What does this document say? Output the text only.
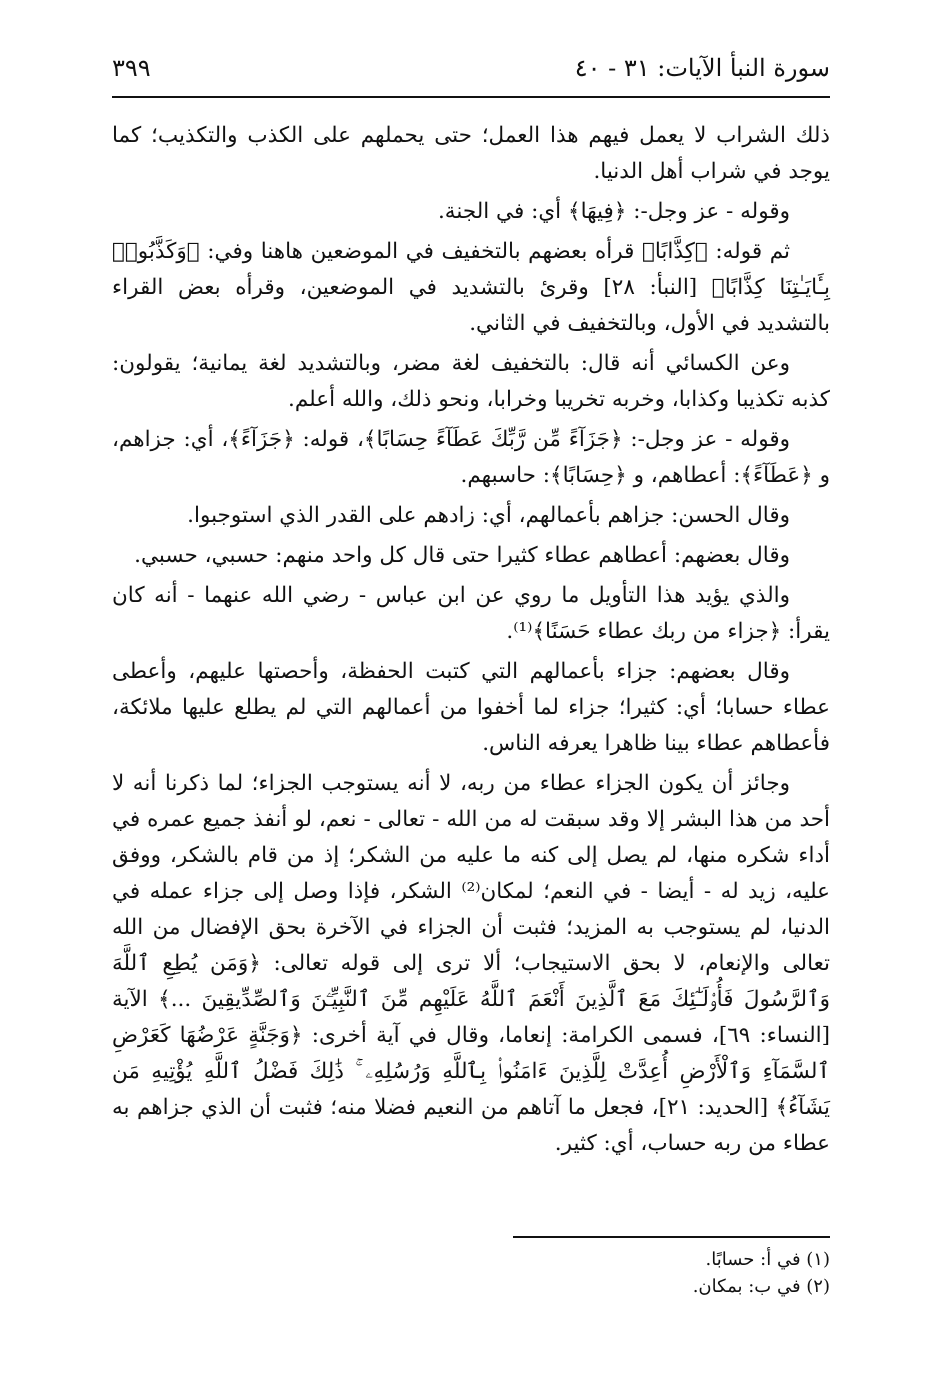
سورة النبأ الآيات: ٣١ - ٤٠
٣٩٩

ذلك الشراب لا يعمل فيهم هذا العمل؛ حتى يحملهم على الكذب والتكذيب؛ كما يوجد في شراب أهل الدنيا.

وقوله - عز وجل-: ﴿فِيهَا﴾ أي: في الجنة.

ثم قوله: ﴿كِذَّابًا﴾ قرأه بعضهم بالتخفيف في الموضعين هاهنا وفي: ﴿وَكَذَّبُوا۟ بِـَٔايَـٰتِنَا كِذَّابًا﴾ [النبأ: ٢٨] وقرئ بالتشديد في الموضعين، وقرأه بعض القراء بالتشديد في الأول، وبالتخفيف في الثاني.

وعن الكسائي أنه قال: بالتخفيف لغة مضر، وبالتشديد لغة يمانية؛ يقولون: كذبه تكذيبا وكذابا، وخربه تخريبا وخرابا، ونحو ذلك، والله أعلم.

وقوله - عز وجل-: ﴿جَزَآءً مِّن رَّبِّكَ عَطَآءً حِسَابًا﴾، قوله: ﴿جَزَآءً﴾، أي: جزاهم، و ﴿عَطَآءً﴾: أعطاهم، و ﴿حِسَابًا﴾: حاسبهم.

وقال الحسن: جزاهم بأعمالهم، أي: زادهم على القدر الذي استوجبوا.

وقال بعضهم: أعطاهم عطاء كثيرا حتى قال كل واحد منهم: حسبي، حسبي.

والذي يؤيد هذا التأويل ما روي عن ابن عباس - رضي الله عنهما - أنه كان يقرأ: ﴿جزاء من ربك عطاء حَسَنًا﴾⁽¹⁾.

وقال بعضهم: جزاء بأعمالهم التي كتبت الحفظة، وأحصتها عليهم، وأعطى عطاء حسابا؛ أي: كثيرا؛ جزاء لما أخفوا من أعمالهم التي لم يطلع عليها ملائكة، فأعطاهم عطاء بينا ظاهرا يعرفه الناس.

وجائز أن يكون الجزاء عطاء من ربه، لا أنه يستوجب الجزاء؛ لما ذكرنا أنه لا أحد من هذا البشر إلا وقد سبقت له من الله - تعالى - نعم، لو أنفذ جميع عمره في أداء شكره منها، لم يصل إلى كنه ما عليه من الشكر؛ إذ من قام بالشكر، ووفق عليه، زيد له - أيضا - في النعم؛ لمكان⁽²⁾ الشكر، فإذا وصل إلى جزاء عمله في الدنيا، لم يستوجب به المزيد؛ فثبت أن الجزاء في الآخرة بحق الإفضال من الله تعالى والإنعام، لا بحق الاستيجاب؛ ألا ترى إلى قوله تعالى: ﴿وَمَن يُطِعِ ٱللَّهَ وَٱلرَّسُولَ فَأُو۟لَـٰٓئِكَ مَعَ ٱلَّذِينَ أَنْعَمَ ٱللَّهُ عَلَيْهِم مِّنَ ٱلنَّبِيِّـۧنَ وَٱلصِّدِّيقِينَ ...﴾ الآية [النساء: ٦٩]، فسمى الكرامة: إنعاما، وقال في آية أخرى: ﴿وَجَنَّةٍ عَرْضُهَا كَعَرْضِ ٱلسَّمَآءِ وَٱلْأَرْضِ أُعِدَّتْ لِلَّذِينَ ءَامَنُوا۟ بِٱللَّهِ وَرُسُلِهِۦ ۚ ذَٰلِكَ فَضْلُ ٱللَّهِ يُؤْتِيهِ مَن يَشَآءُ﴾ [الحديد: ٢١]، فجعل ما آتاهم من النعيم فضلا منه؛ فثبت أن الذي جزاهم به عطاء من ربه حساب، أي: كثير.

(١) في أ: حسابًا.

(٢) في ب: بمكان.
